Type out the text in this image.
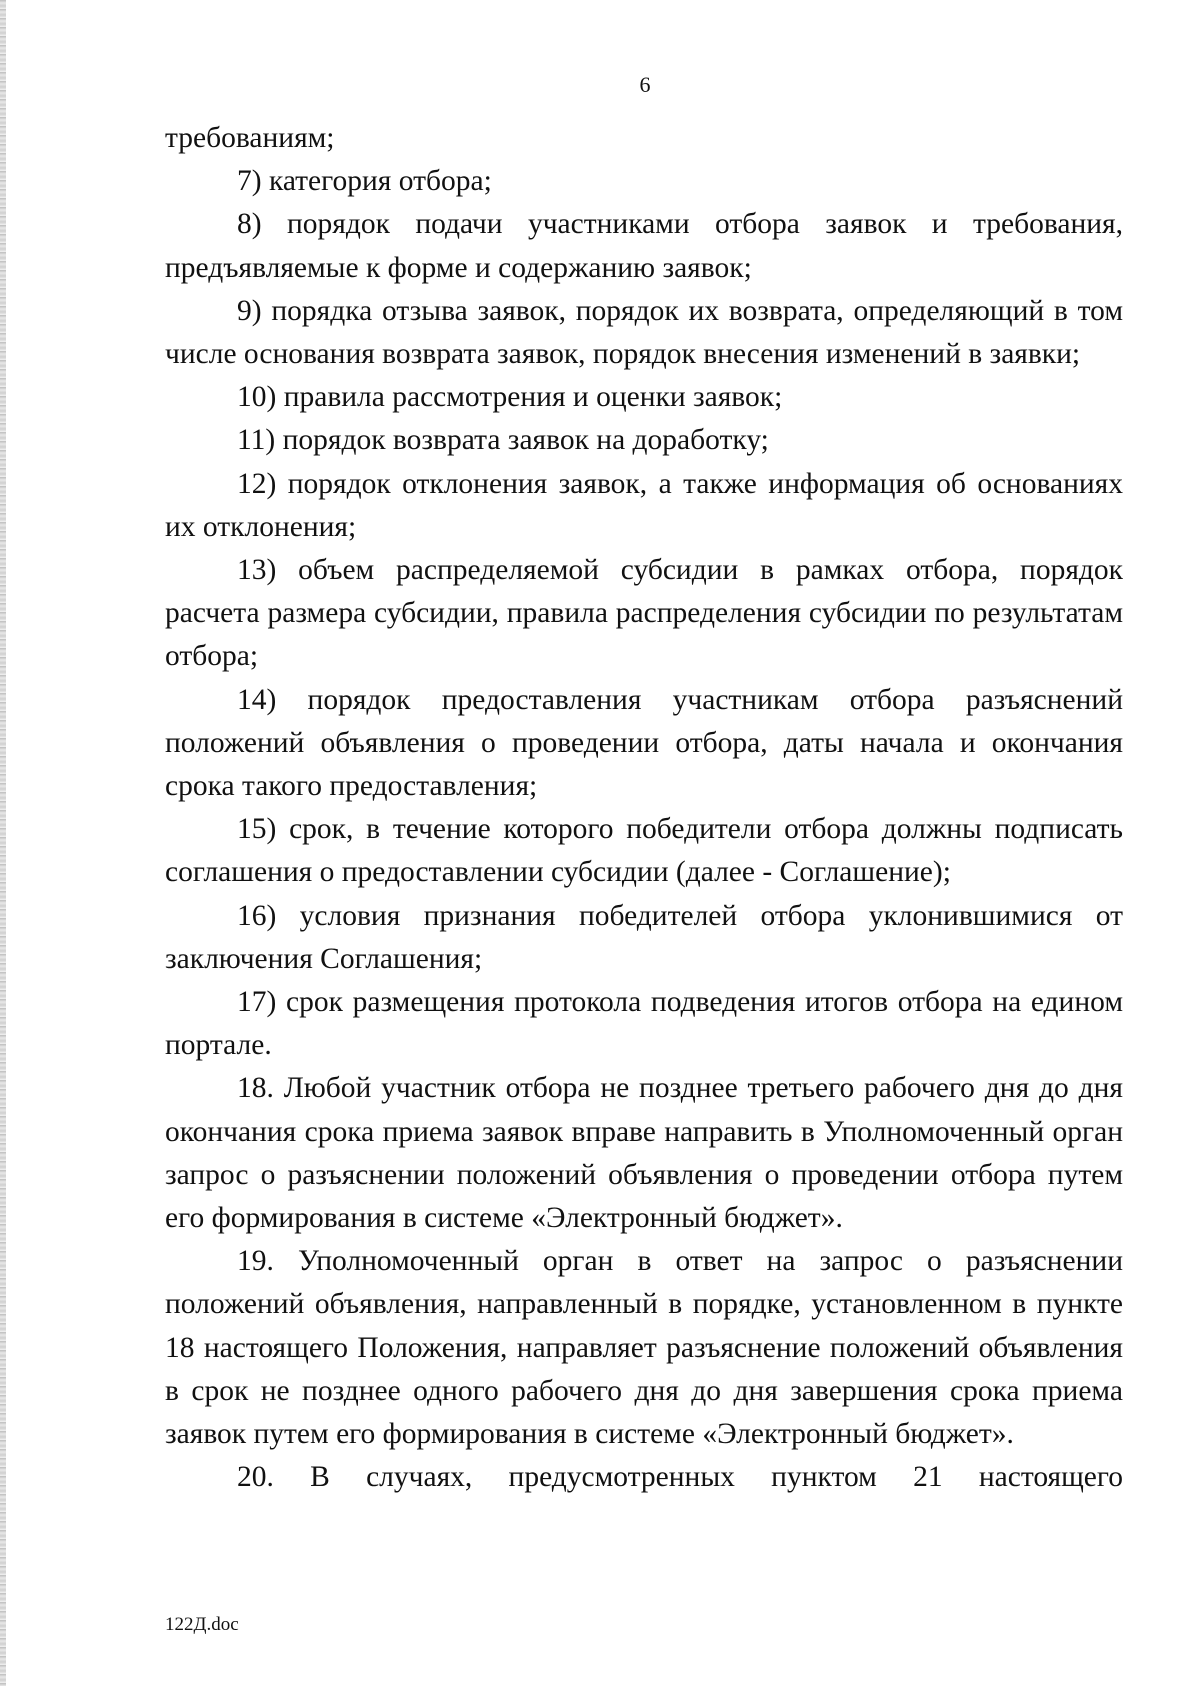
6

требованиям;

7) категория отбора;

8) порядок подачи участниками отбора заявок и требования, предъявляемые к форме и содержанию заявок;

9) порядка отзыва заявок, порядок их возврата, определяющий в том числе основания возврата заявок, порядок внесения изменений в заявки;

10) правила рассмотрения и оценки заявок;

11) порядок возврата заявок на доработку;

12) порядок отклонения заявок, а также информация об основаниях их отклонения;

13) объем распределяемой субсидии в рамках отбора, порядок расчета размера субсидии, правила распределения субсидии по результатам отбора;

14) порядок предоставления участникам отбора разъяснений положений объявления о проведении отбора, даты начала и окончания срока такого предоставления;

15) срок, в течение которого победители отбора должны подписать соглашения о предоставлении субсидии (далее - Соглашение);

16) условия признания победителей отбора уклонившимися от заключения Соглашения;

17) срок размещения протокола подведения итогов отбора на едином портале.

18. Любой участник отбора не позднее третьего рабочего дня до дня окончания срока приема заявок вправе направить в Уполномоченный орган запрос о разъяснении положений объявления о проведении отбора путем его формирования в системе «Электронный бюджет».

19. Уполномоченный орган в ответ на запрос о разъяснении положений объявления, направленный в порядке, установленном в пункте 18 настоящего Положения, направляет разъяснение положений объявления в срок не позднее одного рабочего дня до дня завершения срока приема заявок путем его формирования в системе «Электронный бюджет».

20. В случаях, предусмотренных пунктом 21 настоящего

122Д.doc
